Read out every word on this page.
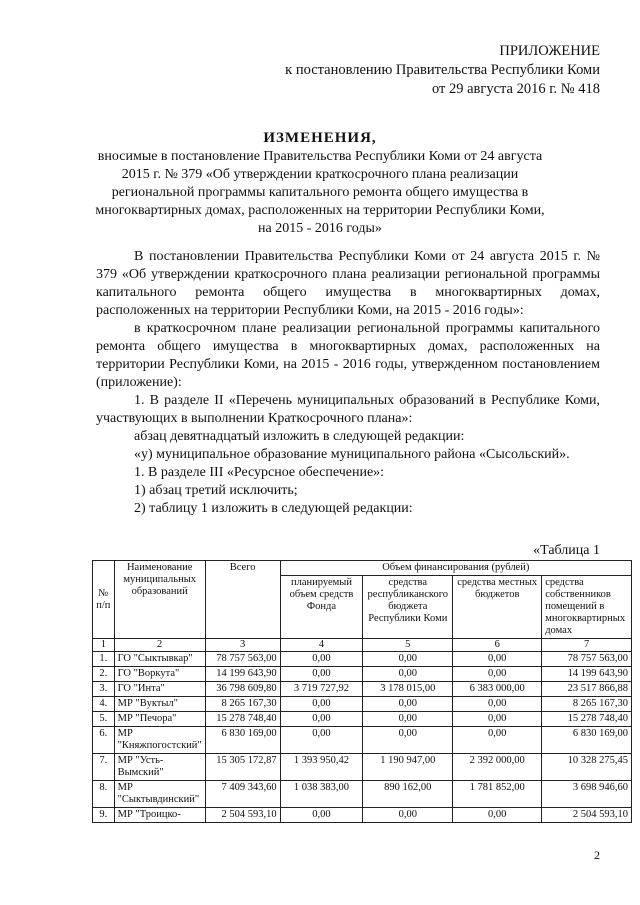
ПРИЛОЖЕНИЕ
к постановлению Правительства Республики Коми
от 29 августа 2016 г. № 418
ИЗМЕНЕНИЯ,
вносимые в постановление Правительства Республики Коми от 24 августа 2015 г. № 379 «Об утверждении краткосрочного плана реализации региональной программы капитального ремонта общего имущества в многоквартирных домах, расположенных на территории Республики Коми, на 2015 - 2016 годы»

В постановлении Правительства Республики Коми от 24 августа 2015 г. № 379 «Об утверждении краткосрочного плана реализации региональной программы капитального ремонта общего имущества в многоквартирных домах, расположенных на территории Республики Коми, на 2015 - 2016 годы»:

в краткосрочном плане реализации региональной программы капитального ремонта общего имущества в многоквартирных домах, расположенных на территории Республики Коми, на 2015 - 2016 годы, утвержденном постановлением (приложение):

1. В разделе II «Перечень муниципальных образований в Республике Коми, участвующих в выполнении Краткосрочного плана»:

абзац девятнадцатый изложить в следующей редакции:

«у) муниципальное образование муниципального района «Сысольский».

1. В разделе III «Ресурсное обеспечение»:

1) абзац третий исключить;

2) таблицу 1 изложить в следующей редакции:

«Таблица 1
№ п/п	Наименование муниципальных образований	Всего	Объем финансирования (рублей)			
			планируемый объем средств Фонда	средства республиканского бюджета Республики Коми	средства местных бюджетов	средства собственников помещений в многоквартирных домах
1	2	3	4	5	6	7
1.	ГО "Сыктывкар"	78 757 563,00	0,00	0,00	0,00	78 757 563,00
2.	ГО "Воркута"	14 199 643,90	0,00	0,00	0,00	14 199 643,90
3.	ГО "Инта"	36 798 609,80	3 719 727,92	3 178 015,00	6 383 000,00	23 517 866,88
4.	МР "Вуктыл"	8 265 167,30	0,00	0,00	0,00	8 265 167,30
5.	МР "Печора"	15 278 748,40	0,00	0,00	0,00	15 278 748,40
6.	МР "Княжпогостский"	6 830 169,00	0,00	0,00	0,00	6 830 169,00
7.	МР "Усть-Вымский"	15 305 172,87	1 393 950,42	1 190 947,00	2 392 000,00	10 328 275,45
8.	МР "Сыктывдинский"	7 409 343,60	1 038 383,00	890 162,00	1 781 852,00	3 698 946,60
9.	МР "Троицко-	2 504 593,10	0,00	0,00	0,00	2 504 593,10
2
